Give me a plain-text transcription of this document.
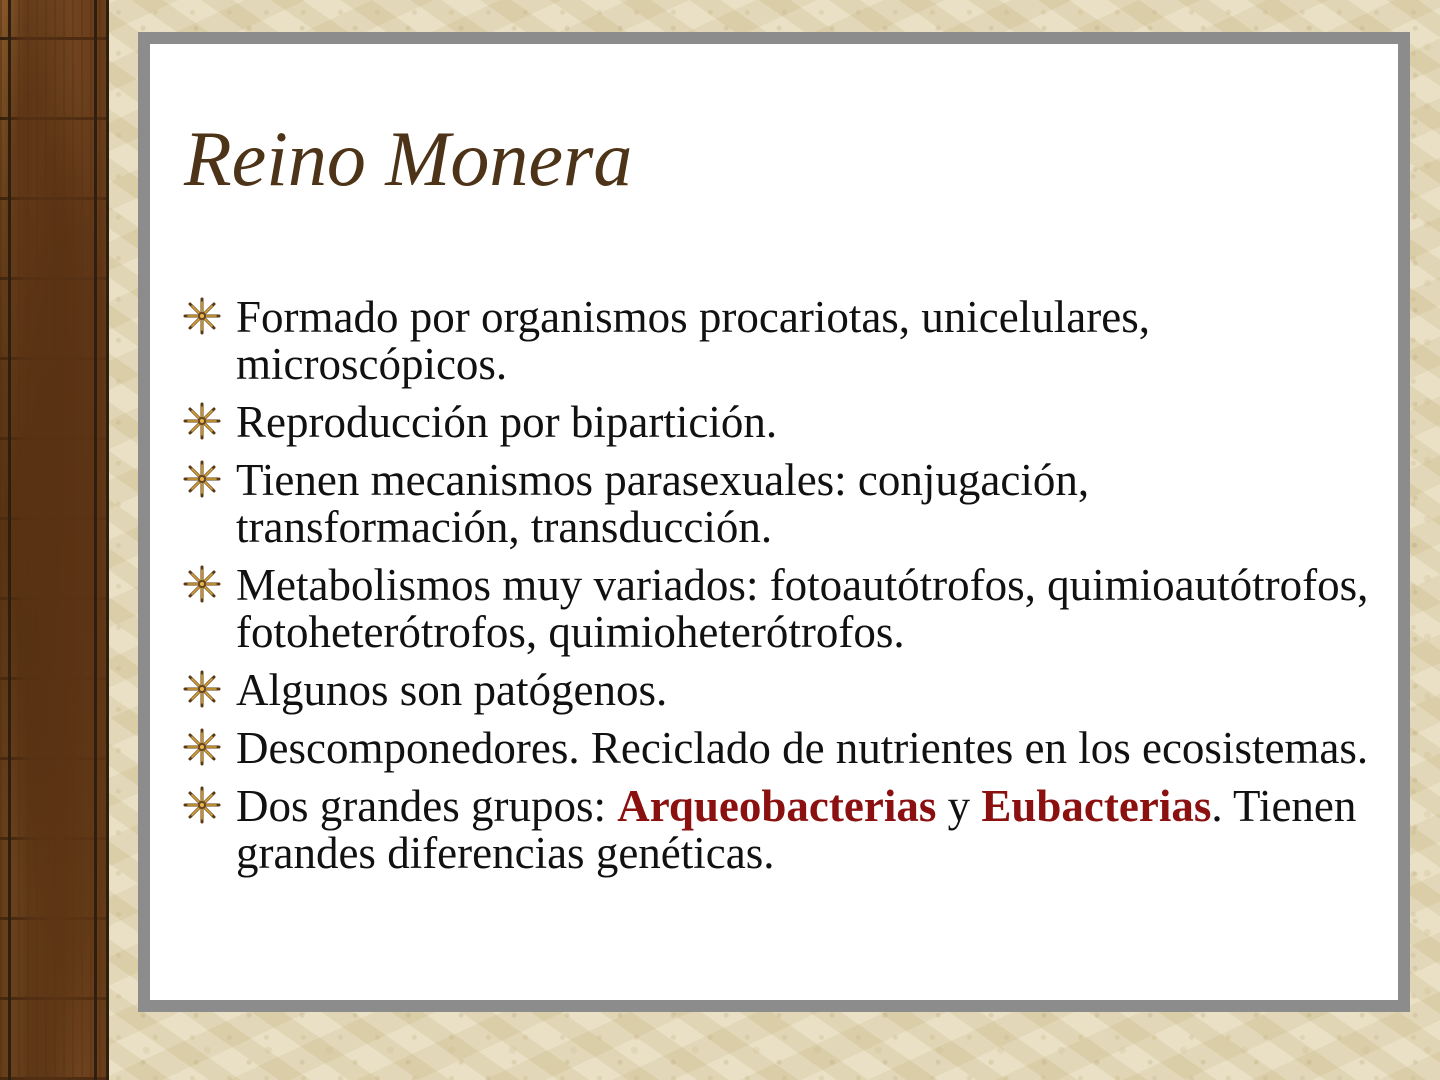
Reino Monera
Formado por organismos procariotas, unicelulares, microscópicos.
Reproducción por bipartición.
Tienen mecanismos parasexuales: conjugación, transformación, transducción.
Metabolismos muy variados: fotoautótrofos, quimioautótrofos, fotoheterótrofos, quimioheterótrofos.
Algunos son patógenos.
Descomponedores. Reciclado de nutrientes en los ecosistemas.
Dos grandes grupos: Arqueobacterias y Eubacterias. Tienen grandes diferencias genéticas.
